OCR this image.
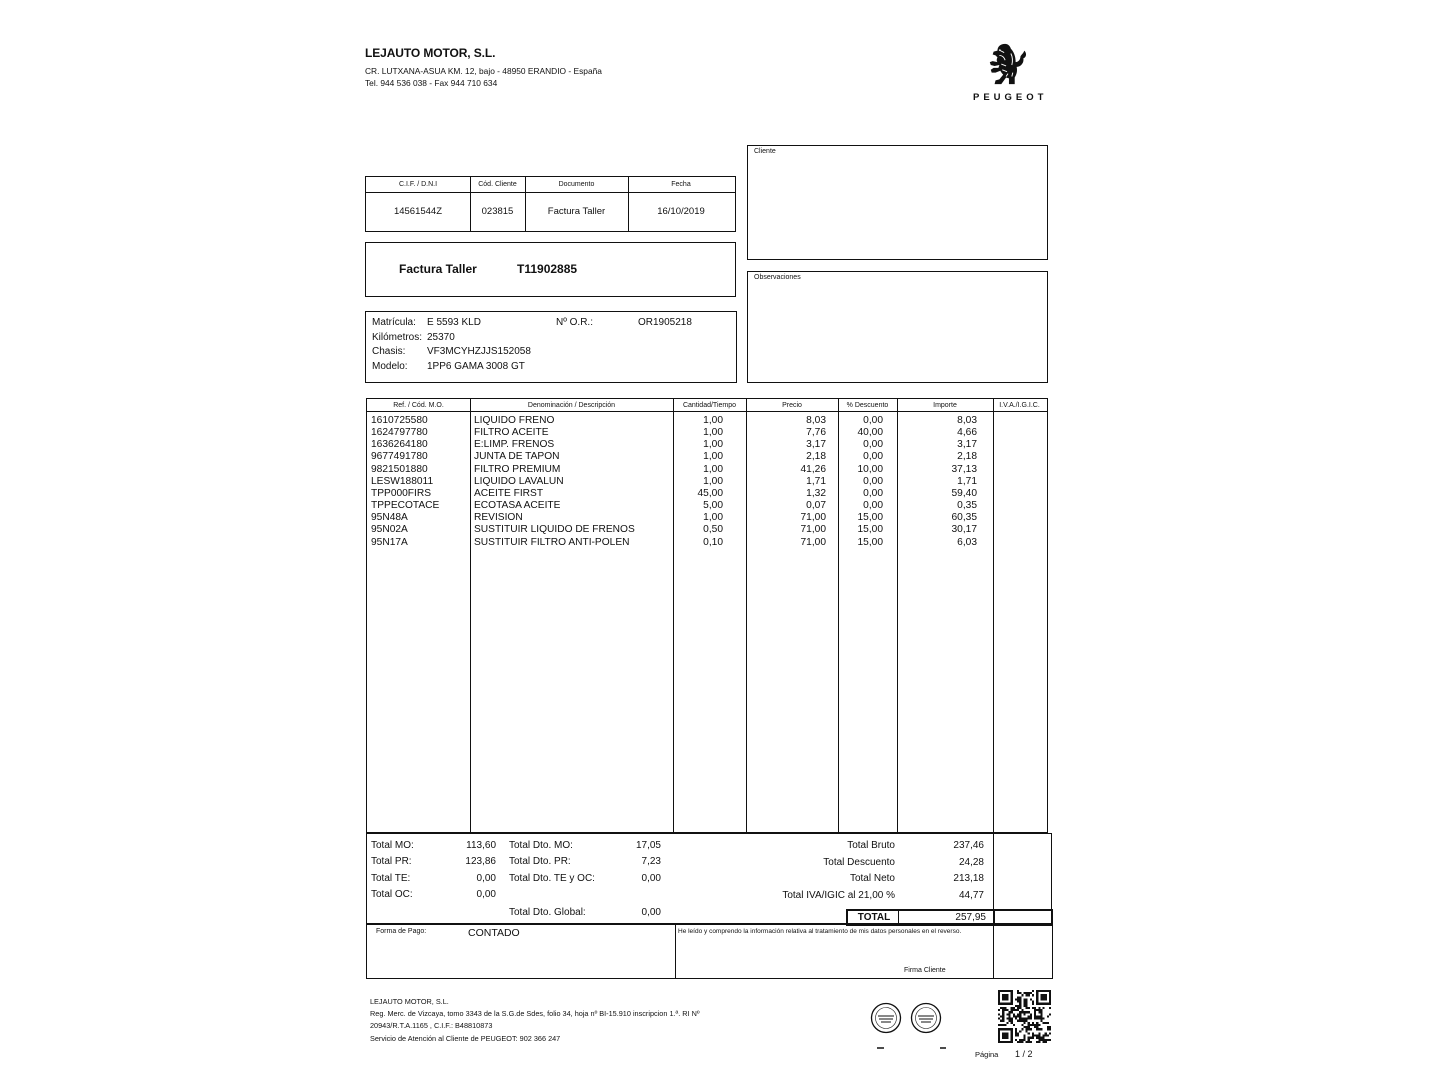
LEJAUTO MOTOR, S.L.
CR. LUTXANA-ASUA KM. 12, bajo - 48950 ERANDIO - España
Tel. 944 536 038 - Fax 944 710 634
PEUGEOT
Cliente
C.I.F. / D.N.I	Cód. Cliente	Documento	Fecha
14561544Z	023815	Factura Taller	16/10/2019
Factura Taller	T11902885
Observaciones
Matrícula: E 5593 KLD	Nº O.R.:	OR1905218
Kilómetros: 25370
Chasis: VF3MCYHZJJS152058
Modelo: 1PP6 GAMA 3008 GT
Ref. / Cód. M.O.	Denominación / Descripción	Cantidad/Tiempo	Precio	% Descuento	Importe	I.V.A./I.G.I.C.
1610725580	LIQUIDO FRENO	1,00	8,03	0,00	8,03
1624797780	FILTRO ACEITE	1,00	7,76	40,00	4,66
1636264180	E:LIMP. FRENOS	1,00	3,17	0,00	3,17
9677491780	JUNTA DE TAPON	1,00	2,18	0,00	2,18
9821501880	FILTRO PREMIUM	1,00	41,26	10,00	37,13
LESW188011	LIQUIDO LAVALUN	1,00	1,71	0,00	1,71
TPP000FIRS	ACEITE FIRST	45,00	1,32	0,00	59,40
TPPECOTACE	ECOTASA ACEITE	5,00	0,07	0,00	0,35
95N48A	REVISION	1,00	71,00	15,00	60,35
95N02A	SUSTITUIR LIQUIDO DE FRENOS	0,50	71,00	15,00	30,17
95N17A	SUSTITUIR FILTRO ANTI-POLEN	0,10	71,00	15,00	6,03
Total MO:	113,60 Total Dto. MO:	17,05
Total PR:	123,86 Total Dto. PR:	7,23
Total TE:	0,00 Total Dto. TE y OC:	0,00
Total OC:	0,00
Total Dto. Global:	0,00
Total Bruto	237,46
Total Descuento	24,28
Total Neto	213,18
Total IVA/IGIC al 21,00 %	44,77
TOTAL	257,95
Forma de Pago:	CONTADO	He leído y comprendo la información relativa al tratamiento de mis datos personales en el reverso.
Firma Cliente
LEJAUTO MOTOR, S.L.
Reg. Merc. de Vizcaya, tomo 3343 de la S.G.de Sdes, folio 34, hoja nº BI-15.910 inscripcion 1.ª. RI Nº
20943/R.T.A.1165 , C.I.F.: B48810873
Servicio de Atención al Cliente de PEUGEOT: 902 366 247
Página 1 / 2
